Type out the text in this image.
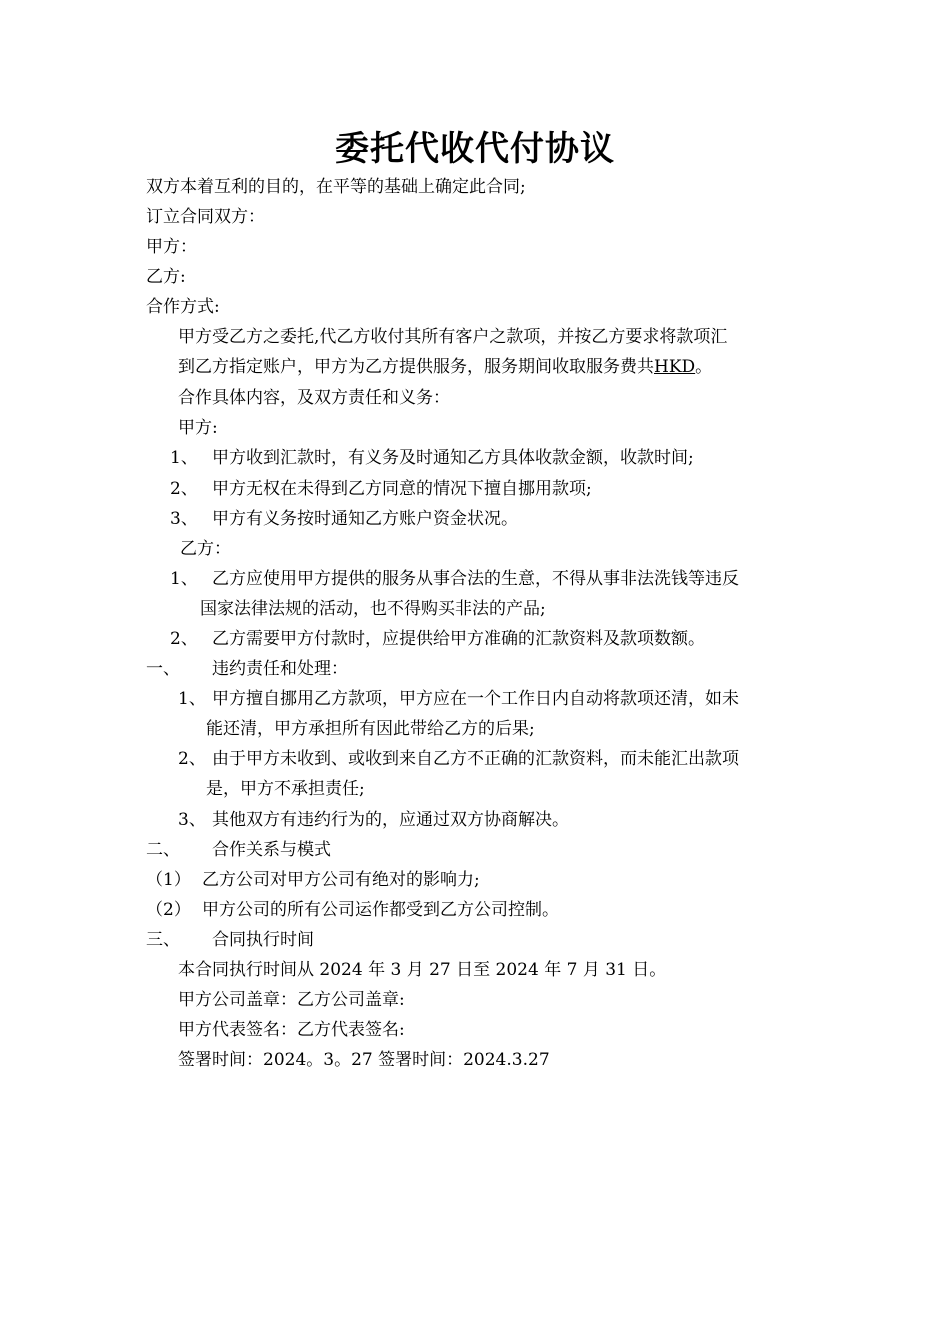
委托代收代付协议
双方本着互利的目的，在平等的基础上确定此合同;
订立合同双方：
甲方：
乙方:
合作方式:
甲方受乙方之委托,代乙方收付其所有客户之款项，并按乙方要求将款项汇
到乙方指定账户，甲方为乙方提供服务，服务期间收取服务费共HKD。
合作具体内容，及双方责任和义务：
甲方:
1、 甲方收到汇款时，有义务及时通知乙方具体收款金额，收款时间;
2、 甲方无权在未得到乙方同意的情况下擅自挪用款项;
3、 甲方有义务按时通知乙方账户资金状况。
乙方：
1、 乙方应使用甲方提供的服务从事合法的生意，不得从事非法洗钱等违反
国家法律法规的活动，也不得购买非法的产品;
2、 乙方需要甲方付款时，应提供给甲方准确的汇款资料及款项数额。
一、 违约责任和处理：
1、 甲方擅自挪用乙方款项，甲方应在一个工作日内自动将款项还清，如未
能还清，甲方承担所有因此带给乙方的后果;
2、 由于甲方未收到、或收到来自乙方不正确的汇款资料，而未能汇出款项
是，甲方不承担责任;
3、 其他双方有违约行为的，应通过双方协商解决。
二、 合作关系与模式
（1） 乙方公司对甲方公司有绝对的影响力;
（2） 甲方公司的所有公司运作都受到乙方公司控制。
三、 合同执行时间
本合同执行时间从 2024 年 3 月 27 日至 2024 年 7 月 31 日。
甲方公司盖章：乙方公司盖章:
甲方代表签名：乙方代表签名:
签署时间：2024。3。27 签署时间：2024.3.27
